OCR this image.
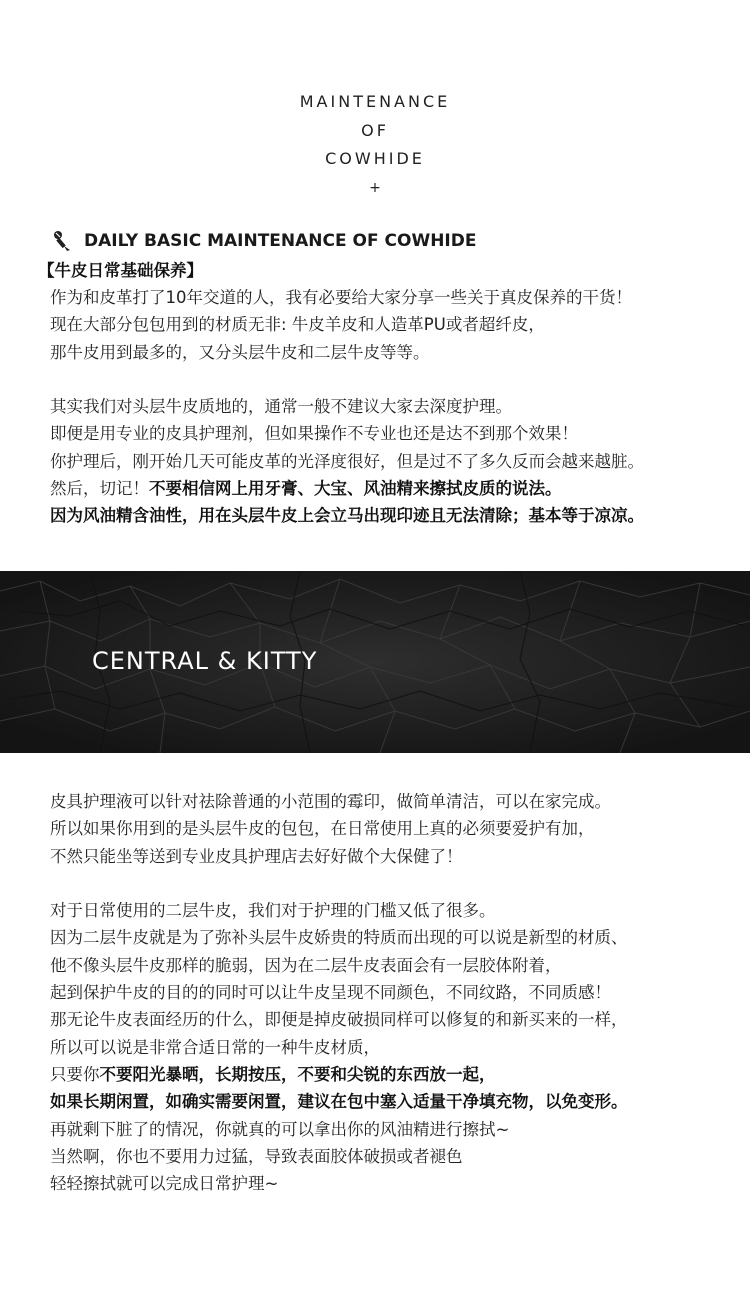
MAINTENANCE
OF
COWHIDE
+
DAILY BASIC MAINTENANCE OF COWHIDE
【牛皮日常基础保养】

作为和皮革打了10年交道的人，我有必要给大家分享一些关于真皮保养的干货！

现在大部分包包用到的材质无非: 牛皮羊皮和人造革PU或者超纤皮，

那牛皮用到最多的，又分头层牛皮和二层牛皮等等。

其实我们对头层牛皮质地的，通常一般不建议大家去深度护理。

即便是用专业的皮具护理剂，但如果操作不专业也还是达不到那个效果！

你护理后，刚开始几天可能皮革的光泽度很好，但是过不了多久反而会越来越脏。

然后，切记！不要相信网上用牙膏、大宝、风油精来擦拭皮质的说法。

因为风油精含油性，用在头层牛皮上会立马出现印迹且无法清除；基本等于凉凉。

CENTRAL & KITTY

皮具护理液可以针对祛除普通的小范围的霉印，做简单清洁，可以在家完成。

所以如果你用到的是头层牛皮的包包，在日常使用上真的必须要爱护有加，

不然只能坐等送到专业皮具护理店去好好做个大保健了！

对于日常使用的二层牛皮，我们对于护理的门槛又低了很多。

因为二层牛皮就是为了弥补头层牛皮娇贵的特质而出现的可以说是新型的材质、

他不像头层牛皮那样的脆弱，因为在二层牛皮表面会有一层胶体附着，

起到保护牛皮的目的的同时可以让牛皮呈现不同颜色，不同纹路，不同质感！

那无论牛皮表面经历的什么，即便是掉皮破损同样可以修复的和新买来的一样，

所以可以说是非常合适日常的一种牛皮材质，

只要你不要阳光暴晒，长期按压，不要和尖锐的东西放一起，

如果长期闲置，如确实需要闲置，建议在包中塞入适量干净填充物，以免变形。

再就剩下脏了的情况，你就真的可以拿出你的风油精进行擦拭~

当然啊，你也不要用力过猛，导致表面胶体破损或者褪色

轻轻擦拭就可以完成日常护理~
